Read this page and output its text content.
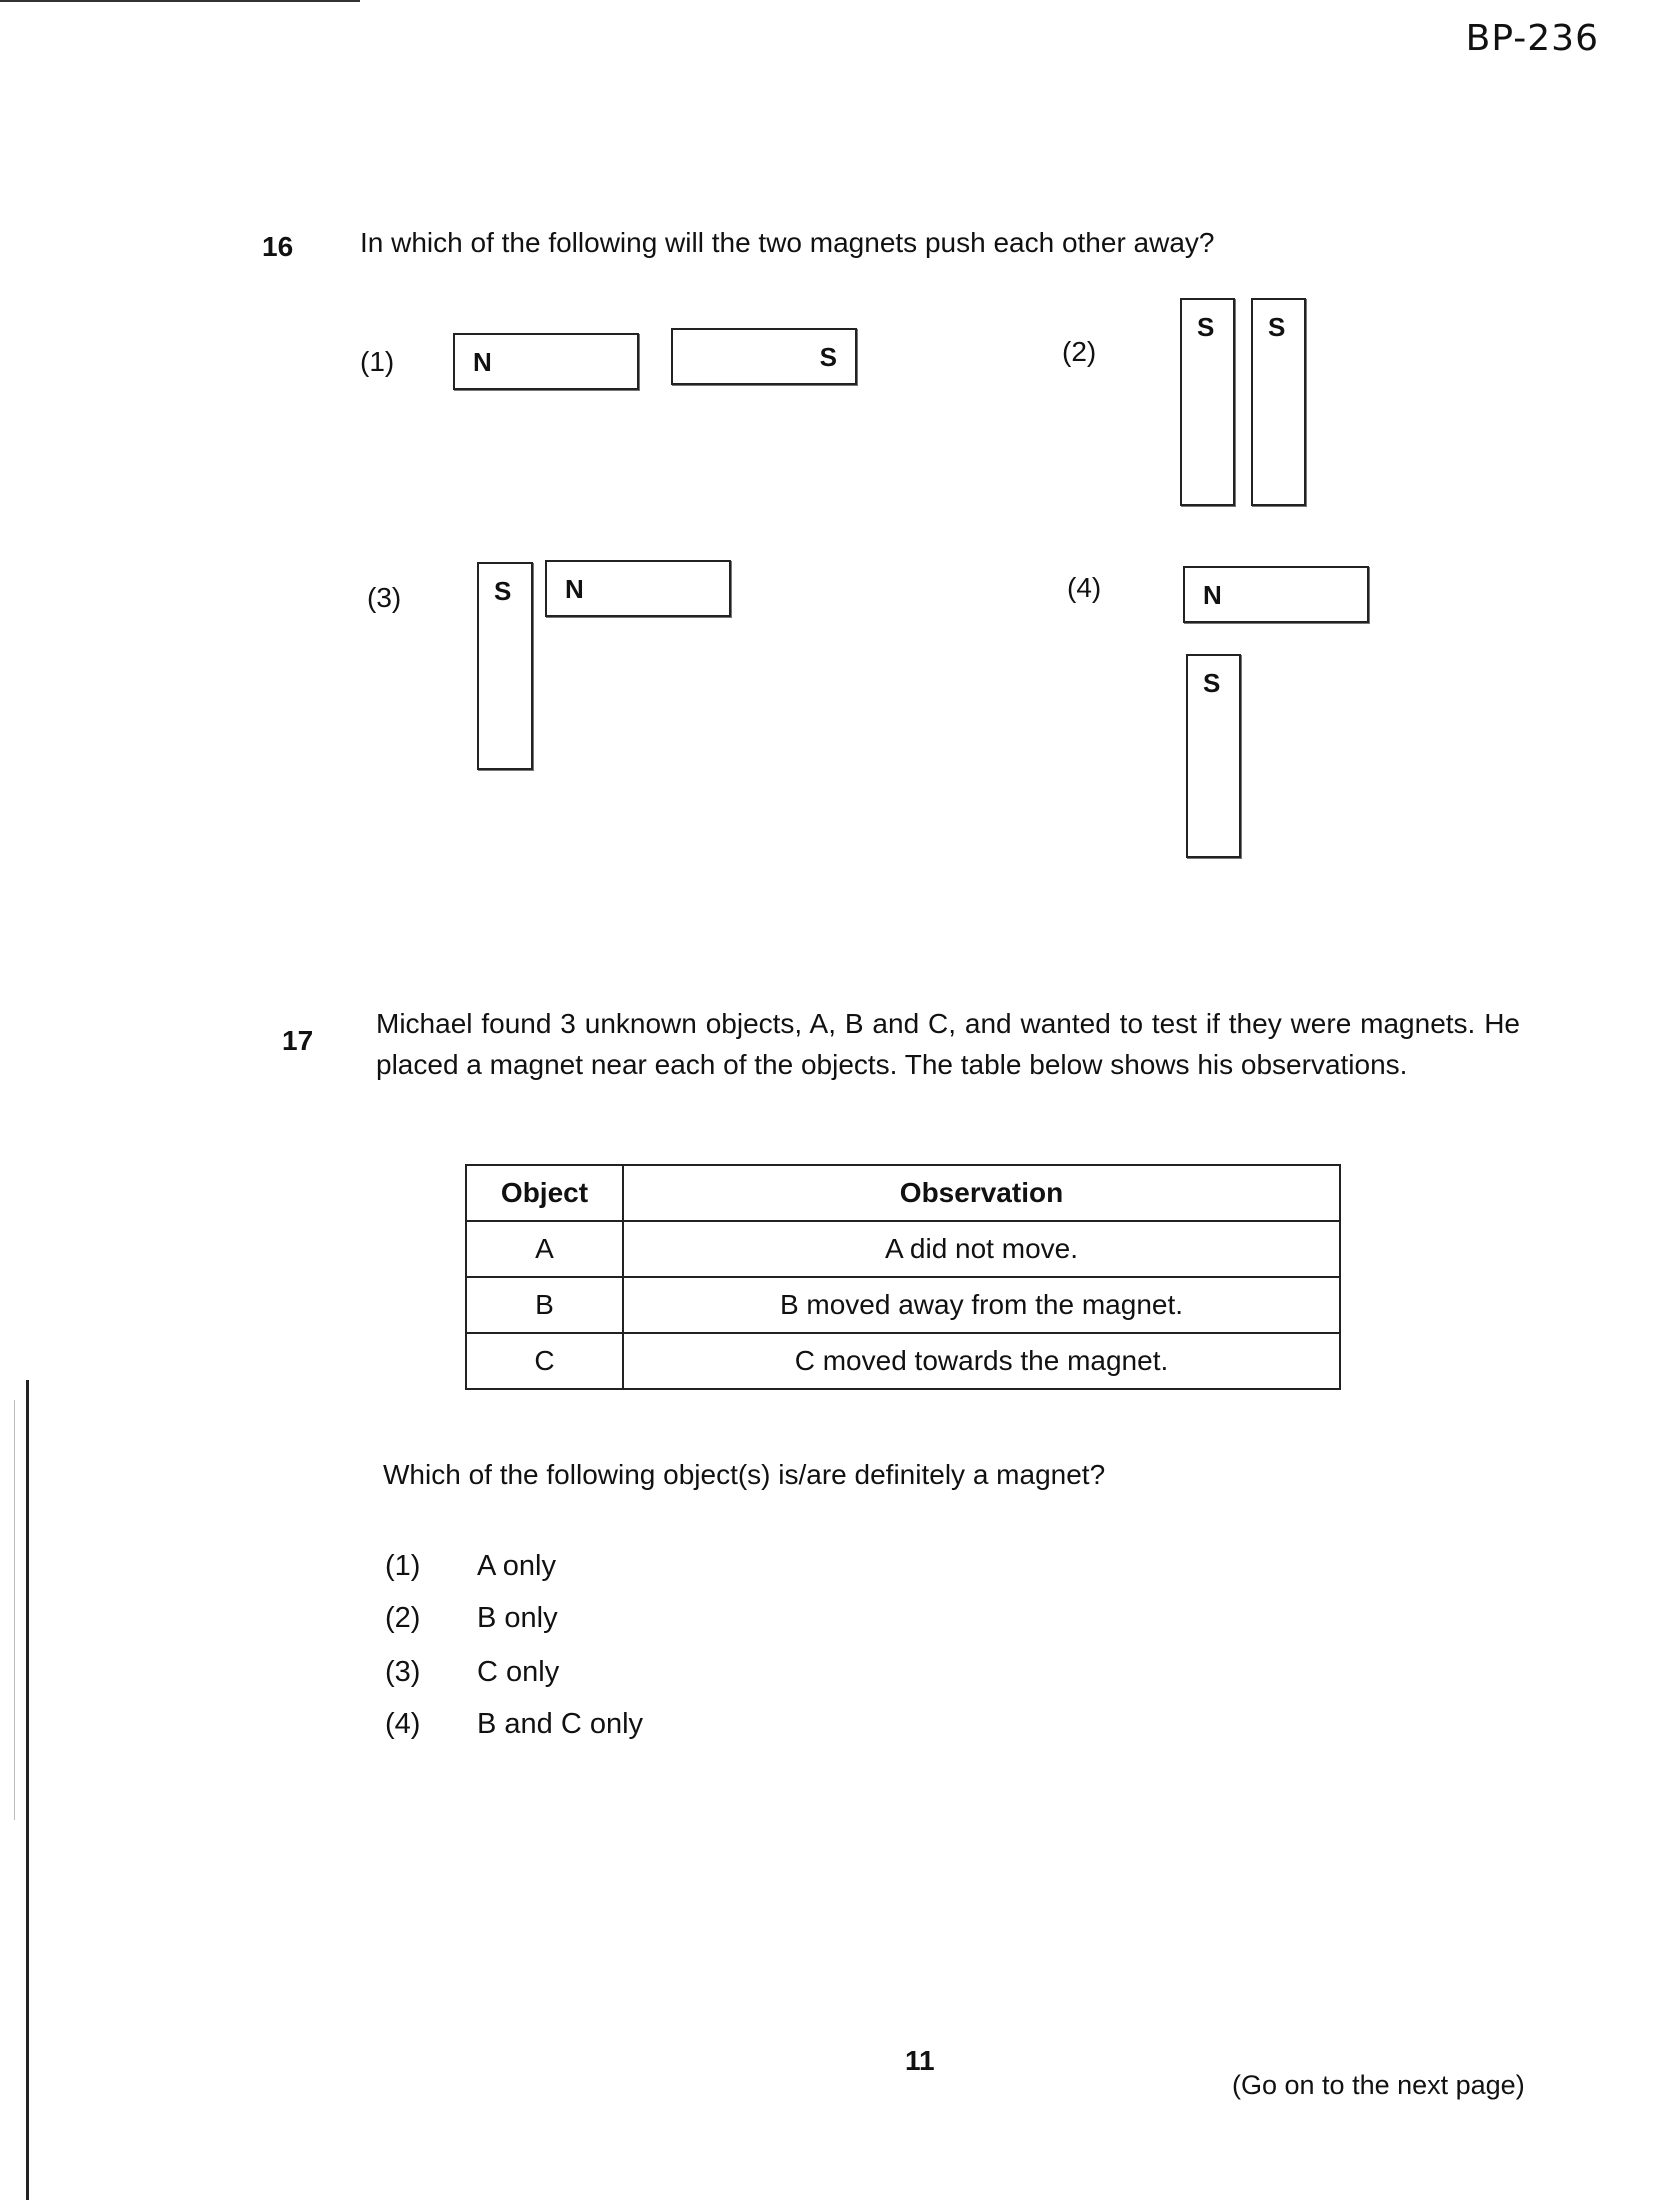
BP-236
16 In which of the following will the two magnets push each other away?
(1)	N	S	(2)
S S
(3)	S N	(4)	N
S
17
Michael found 3 unknown objects, A, B and C, and wanted to test if they were magnets. He placed a magnet near each of the objects. The table below shows his observations.
Object	Observation
A	A did not move.
B	B moved away from the magnet.
C	C moved towards the magnet.
Which of the following object(s) is/are definitely a magnet?
(1) A only
(2) B only
(3) C only
(4) B and C only
11
(Go on to the next page)
